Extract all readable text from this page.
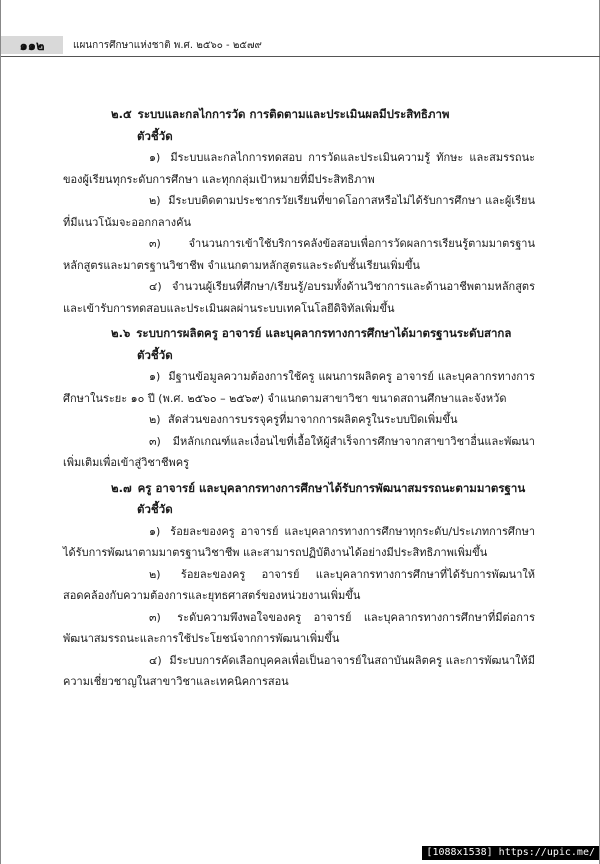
๑๑๒	แผนการศึกษาแห่งชาติ พ.ศ. ๒๕๖๐ - ๒๕๗๙
๒.๕ ระบบและกลไกการวัด การติดตามและประเมินผลมีประสิทธิภาพ
ตัวชี้วัด
๑) มีระบบและกลไกการทดสอบ การวัดและประเมินความรู้ ทักษะ และสมรรถนะของผู้เรียนทุกระดับการศึกษา และทุกกลุ่มเป้าหมายที่มีประสิทธิภาพ
๒) มีระบบติดตามประชากรวัยเรียนที่ขาดโอกาสหรือไม่ได้รับการศึกษา และผู้เรียนที่มีแนวโน้มจะออกกลางคัน
๓)	จำนวนการเข้าใช้บริการคลังข้อสอบเพื่อการวัดผลการเรียนรู้ตามมาตรฐานหลักสูตรและมาตรฐานวิชาชีพ จำแนกตามหลักสูตรและระดับชั้นเรียนเพิ่มขึ้น
๔) จำนวนผู้เรียนที่ศึกษา/เรียนรู้/อบรมทั้งด้านวิชาการและด้านอาชีพตามหลักสูตรและเข้ารับการทดสอบและประเมินผลผ่านระบบเทคโนโลยีดิจิทัลเพิ่มขึ้น
๒.๖ ระบบการผลิตครู อาจารย์ และบุคลากรทางการศึกษาได้มาตรฐานระดับสากล
ตัวชี้วัด
๑) มีฐานข้อมูลความต้องการใช้ครู แผนการผลิตครู อาจารย์ และบุคลากรทางการศึกษาในระยะ ๑๐ ปี (พ.ศ. ๒๕๖๐ – ๒๕๖๙) จำแนกตามสาขาวิชา ขนาดสถานศึกษาและจังหวัด
๒) สัดส่วนของการบรรจุครูที่มาจากการผลิตครูในระบบปิดเพิ่มขึ้น
๓) มีหลักเกณฑ์และเงื่อนไขที่เอื้อให้ผู้สำเร็จการศึกษาจากสาขาวิชาอื่นและพัฒนาเพิ่มเติมเพื่อเข้าสู่วิชาชีพครู
๒.๗ ครู อาจารย์ และบุคลากรทางการศึกษาได้รับการพัฒนาสมรรถนะตามมาตรฐาน
ตัวชี้วัด
๑) ร้อยละของครู อาจารย์ และบุคลากรทางการศึกษาทุกระดับ/ประเภทการศึกษาได้รับการพัฒนาตามมาตรฐานวิชาชีพ และสามารถปฏิบัติงานได้อย่างมีประสิทธิภาพเพิ่มขึ้น
๒) ร้อยละของครู อาจารย์ และบุคลากรทางการศึกษาที่ได้รับการพัฒนาให้สอดคล้องกับความต้องการและยุทธศาสตร์ของหน่วยงานเพิ่มขึ้น
๓) ระดับความพึงพอใจของครู อาจารย์ และบุคลากรทางการศึกษาที่มีต่อการพัฒนาสมรรถนะและการใช้ประโยชน์จากการพัฒนาเพิ่มขึ้น
๔) มีระบบการคัดเลือกบุคคลเพื่อเป็นอาจารย์ในสถาบันผลิตครู และการพัฒนาให้มีความเชี่ยวชาญในสาขาวิชาและเทคนิคการสอน
[1088x1538] https://upic.me/
